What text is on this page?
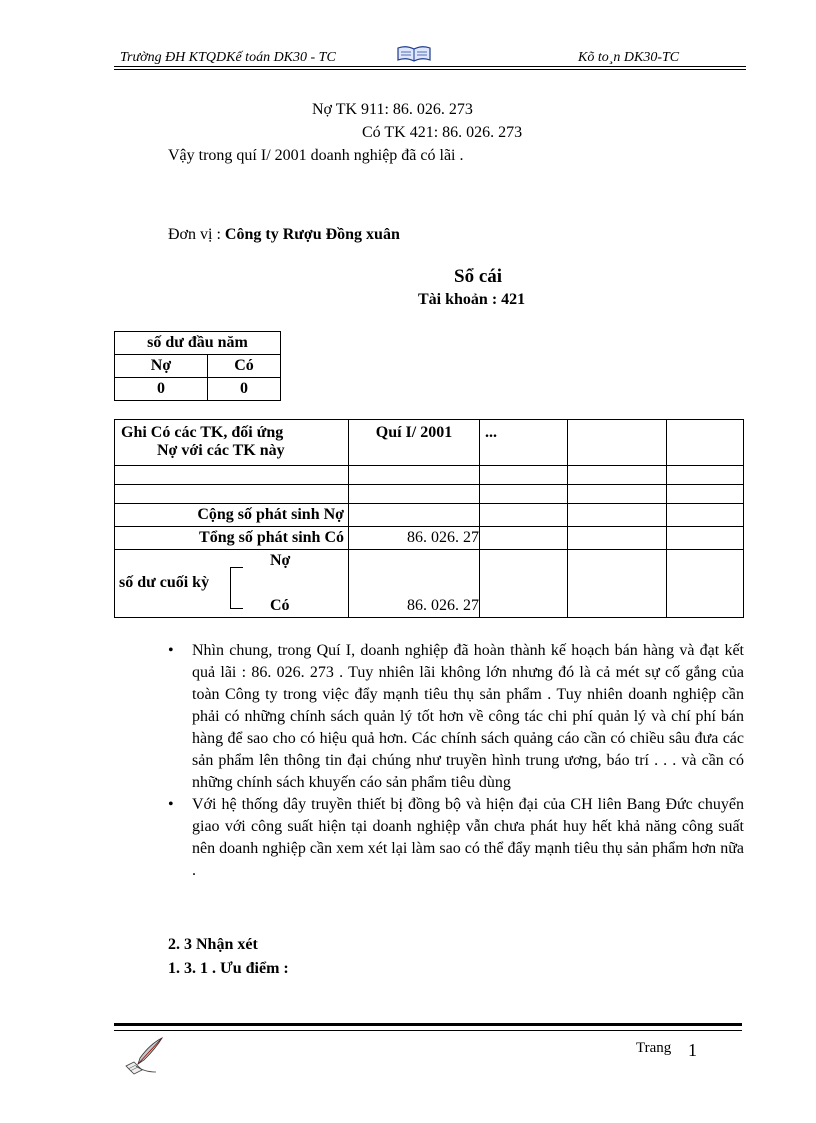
Trường ĐH KTQDKế toán DK30 - TC	Kõ to¸n DK30-TC
Nợ TK 911: 86. 026. 273
Có TK 421: 86. 026. 273
Vậy trong quí I/ 2001 doanh nghiệp đã có lãi .
Đơn vị : Công ty Rượu Đồng xuân
Sổ cái
Tài khoản : 421
số dư đầu năm	
Nợ	Có
0	0
Ghi Có các TK, đối ứng
Nợ với các TK này	Quí I/ 2001	...		

Cộng số phát sinh Nợ				
Tổng số phát sinh Có	86. 026. 27			

số dư cuối kỳ
Nợ
Có	86. 026. 27			

• Nhìn chung, trong Quí I, doanh nghiệp đã hoàn thành kế hoạch bán hàng và đạt kết quả lãi : 86. 026. 273 . Tuy nhiên lãi không lớn nhưng đó là cả mét sự cố gắng của toàn Công ty trong việc đẩy mạnh tiêu thụ sản phẩm . Tuy nhiên doanh nghiệp cần phải có những chính sách quản lý tốt hơn về công tác chi phí quản lý và chí phí bán hàng để sao cho có hiệu quả hơn. Các chính sách quảng cáo cần có chiều sâu đưa các sản phẩm lên thông tin đại chúng như truyền hình trung ương, báo trí . . . và cần có những chính sách khuyến cáo sản phẩm tiêu dùng

• Với hệ thống dây truyền thiết bị đồng bộ và hiện đại của CH liên Bang Đức chuyển giao với công suất hiện tại doanh nghiệp vẫn chưa phát huy hết khả năng công suất nên doanh nghiệp cần xem xét lại làm sao có thể đẩy mạnh tiêu thụ sản phẩm hơn nữa .

2. 3 Nhận xét
1. 3. 1 . Ưu điểm :
Trang 1
